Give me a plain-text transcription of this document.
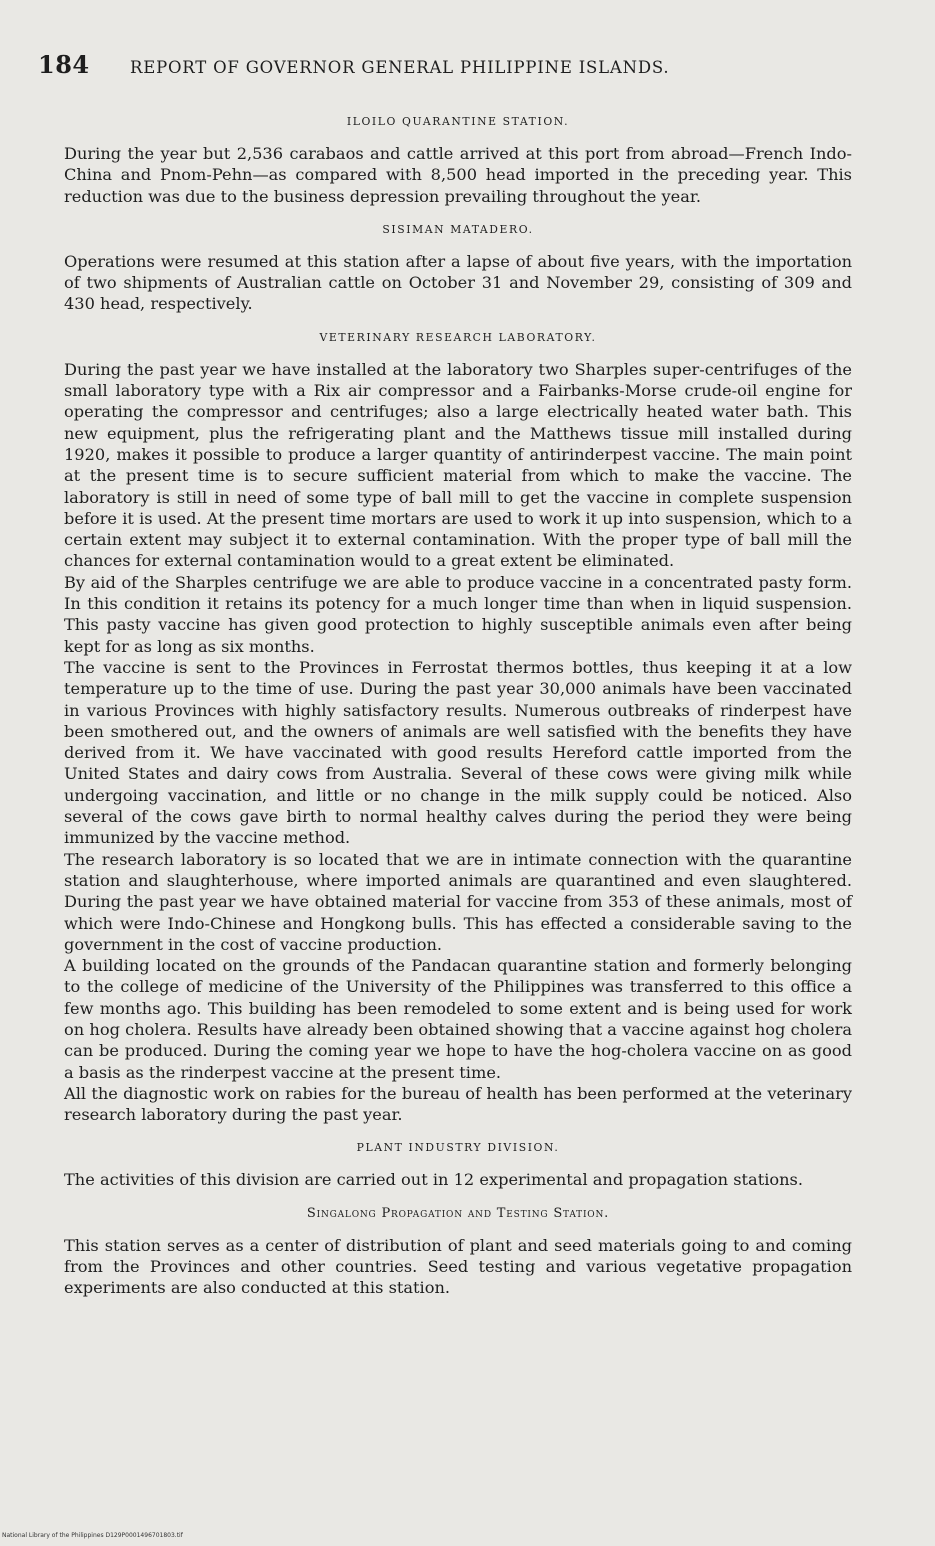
184 REPORT OF GOVERNOR GENERAL PHILIPPINE ISLANDS.
ILOILO QUARANTINE STATION.

During the year but 2,536 carabaos and cattle arrived at this port from abroad—French Indo-China and Pnom-Pehn—as compared with 8,500 head imported in the preceding year. This reduction was due to the business depression prevailing throughout the year.

SISIMAN MATADERO.

Operations were resumed at this station after a lapse of about five years, with the importation of two shipments of Australian cattle on October 31 and November 29, consisting of 309 and 430 head, respectively.

VETERINARY RESEARCH LABORATORY.

During the past year we have installed at the laboratory two Sharples super-centrifuges of the small laboratory type with a Rix air compressor and a Fairbanks-Morse crude-oil engine for operating the compressor and centrifuges; also a large electrically heated water bath. This new equipment, plus the refrigerating plant and the Matthews tissue mill installed during 1920, makes it possible to produce a larger quantity of antirinderpest vaccine. The main point at the present time is to secure sufficient material from which to make the vaccine. The laboratory is still in need of some type of ball mill to get the vaccine in complete suspension before it is used. At the present time mortars are used to work it up into suspension, which to a certain extent may subject it to external contamination. With the proper type of ball mill the chances for external contamination would to a great extent be eliminated.

By aid of the Sharples centrifuge we are able to produce vaccine in a concentrated pasty form. In this condition it retains its potency for a much longer time than when in liquid suspension. This pasty vaccine has given good protection to highly susceptible animals even after being kept for as long as six months.

The vaccine is sent to the Provinces in Ferrostat thermos bottles, thus keeping it at a low temperature up to the time of use. During the past year 30,000 animals have been vaccinated in various Provinces with highly satisfactory results. Numerous outbreaks of rinderpest have been smothered out, and the owners of animals are well satisfied with the benefits they have derived from it. We have vaccinated with good results Hereford cattle imported from the United States and dairy cows from Australia. Several of these cows were giving milk while undergoing vaccination, and little or no change in the milk supply could be noticed. Also several of the cows gave birth to normal healthy calves during the period they were being immunized by the vaccine method.

The research laboratory is so located that we are in intimate connection with the quarantine station and slaughterhouse, where imported animals are quarantined and even slaughtered. During the past year we have obtained material for vaccine from 353 of these animals, most of which were Indo-Chinese and Hongkong bulls. This has effected a considerable saving to the government in the cost of vaccine production.

A building located on the grounds of the Pandacan quarantine station and formerly belonging to the college of medicine of the University of the Philippines was transferred to this office a few months ago. This building has been remodeled to some extent and is being used for work on hog cholera. Results have already been obtained showing that a vaccine against hog cholera can be produced. During the coming year we hope to have the hog-cholera vaccine on as good a basis as the rinderpest vaccine at the present time.

All the diagnostic work on rabies for the bureau of health has been performed at the veterinary research laboratory during the past year.

PLANT INDUSTRY DIVISION.

The activities of this division are carried out in 12 experimental and propagation stations.

Singalong Propagation and Testing Station.

This station serves as a center of distribution of plant and seed materials going to and coming from the Provinces and other countries. Seed testing and various vegetative propagation experiments are also conducted at this station.

National Library of the Philippines D129P0001496701803.tif
